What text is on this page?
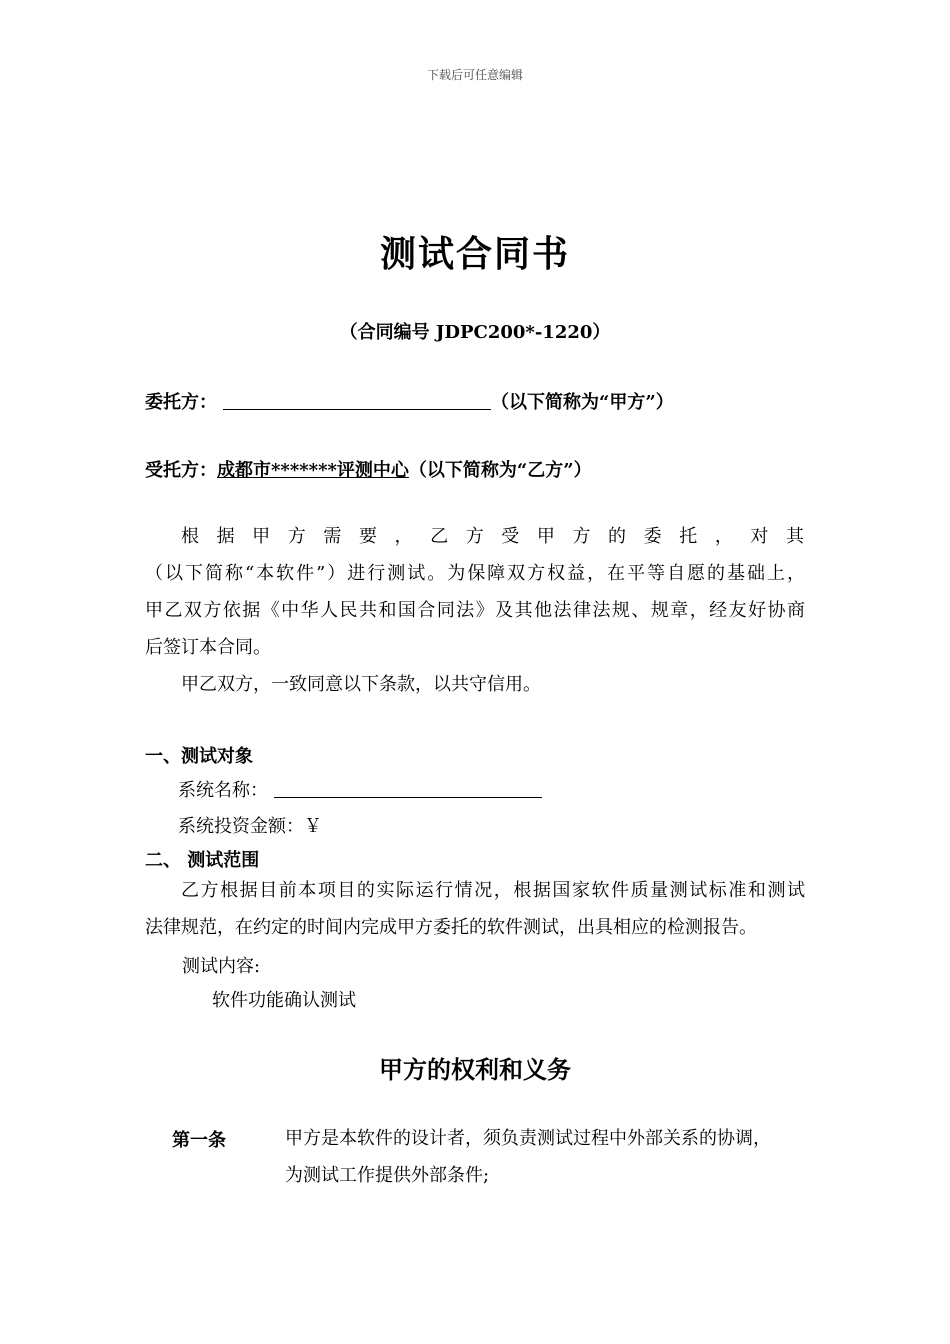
下载后可任意编辑
测试合同书
（合同编号 JDPC200*-1220）
委托方：	（以下简称为“甲方”）
受托方：成都市*******评测中心（以下简称为“乙方”）
根据甲方需要，乙方受甲方的委托，对其
（以下简称“本软件”）进行测试。为保障双方权益，在平等自愿的基础上，
甲乙双方依据《中华人民共和国合同法》及其他法律法规、规章，经友好协商
后签订本合同。
甲乙双方，一致同意以下条款，以共守信用。
一、测试对象
系统名称：
系统投资金额：￥
二、 测试范围
乙方根据目前本项目的实际运行情况，根据国家软件质量测试标准和测试
法律规范，在约定的时间内完成甲方委托的软件测试，出具相应的检测报告。
测试内容:
软件功能确认测试
甲方的权利和义务
第一条	甲方是本软件的设计者，须负责测试过程中外部关系的协调，
为测试工作提供外部条件;
